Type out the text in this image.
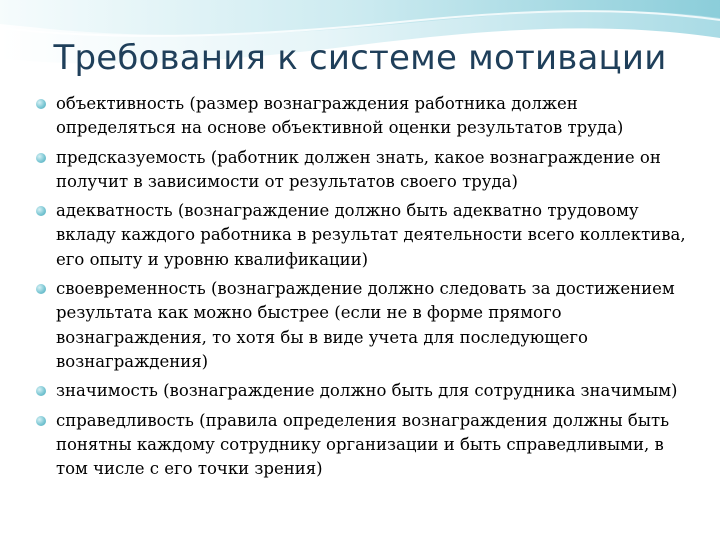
Требования к системе мотивации
объективность (размер вознаграждения работника должен определяться на основе объективной оценки результатов труда)
предсказуемость (работник должен знать, какое вознаграждение он получит в зависимости от результатов своего труда)
адекватность (вознаграждение должно быть адекватно трудовому вкладу каждого работника в результат деятельности всего коллектива, его опыту и уровню квалификации)
своевременность (вознаграждение должно следовать за достижением результата как можно быстрее (если не в форме прямого вознаграждения, то хотя бы в виде учета для последующего вознаграждения)
значимость (вознаграждение должно быть для сотрудника значимым)
справедливость (правила определения вознаграждения должны быть понятны каждому сотруднику организации и быть справедливыми, в том числе с его точки зрения)
